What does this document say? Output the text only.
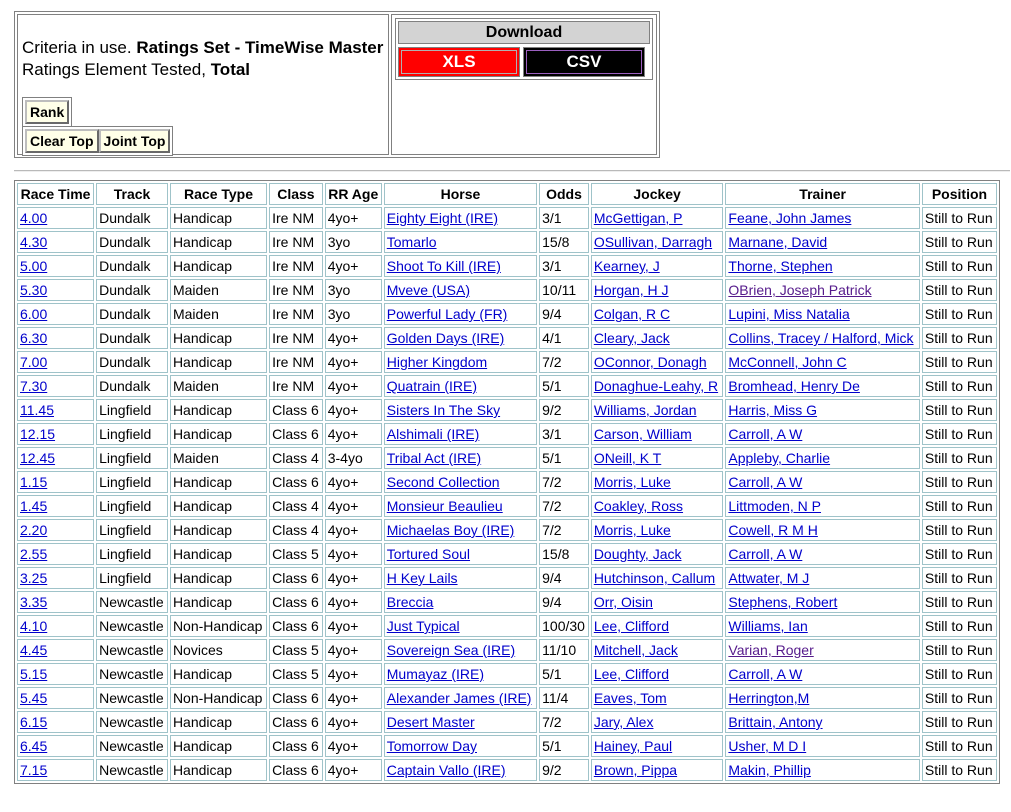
Criteria in use. Ratings Set - TimeWise Master
Ratings Element Tested, Total
Rank
Clear Top Joint Top
Download
XLS	CSV
Race Time	Track	Race Type	Class	RR Age	Horse	Odds	Jockey	Trainer	Position
4.00	Dundalk	Handicap	Ire NM	4yo+	Eighty Eight (IRE)	3/1	McGettigan, P	Feane, John James	Still to Run
4.30	Dundalk	Handicap	Ire NM	3yo	Tomarlo	15/8	OSullivan, Darragh	Marnane, David	Still to Run
5.00	Dundalk	Handicap	Ire NM	4yo+	Shoot To Kill (IRE)	3/1	Kearney, J	Thorne, Stephen	Still to Run
5.30	Dundalk	Maiden	Ire NM	3yo	Mveve (USA)	10/11	Horgan, H J	OBrien, Joseph Patrick	Still to Run
6.00	Dundalk	Maiden	Ire NM	3yo	Powerful Lady (FR)	9/4	Colgan, R C	Lupini, Miss Natalia	Still to Run
6.30	Dundalk	Handicap	Ire NM	4yo+	Golden Days (IRE)	4/1	Cleary, Jack	Collins, Tracey / Halford, Mick	Still to Run
7.00	Dundalk	Handicap	Ire NM	4yo+	Higher Kingdom	7/2	OConnor, Donagh	McConnell, John C	Still to Run
7.30	Dundalk	Maiden	Ire NM	4yo+	Quatrain (IRE)	5/1	Donaghue-Leahy, R	Bromhead, Henry De	Still to Run
11.45	Lingfield	Handicap	Class 6	4yo+	Sisters In The Sky	9/2	Williams, Jordan	Harris, Miss G	Still to Run
12.15	Lingfield	Handicap	Class 6	4yo+	Alshimali (IRE)	3/1	Carson, William	Carroll, A W	Still to Run
12.45	Lingfield	Maiden	Class 4	3-4yo	Tribal Act (IRE)	5/1	ONeill, K T	Appleby, Charlie	Still to Run
1.15	Lingfield	Handicap	Class 6	4yo+	Second Collection	7/2	Morris, Luke	Carroll, A W	Still to Run
1.45	Lingfield	Handicap	Class 4	4yo+	Monsieur Beaulieu	7/2	Coakley, Ross	Littmoden, N P	Still to Run
2.20	Lingfield	Handicap	Class 4	4yo+	Michaelas Boy (IRE)	7/2	Morris, Luke	Cowell, R M H	Still to Run
2.55	Lingfield	Handicap	Class 5	4yo+	Tortured Soul	15/8	Doughty, Jack	Carroll, A W	Still to Run
3.25	Lingfield	Handicap	Class 6	4yo+	H Key Lails	9/4	Hutchinson, Callum	Attwater, M J	Still to Run
3.35	Newcastle	Handicap	Class 6	4yo+	Breccia	9/4	Orr, Oisin	Stephens, Robert	Still to Run
4.10	Newcastle	Non-Handicap	Class 6	4yo+	Just Typical	100/30	Lee, Clifford	Williams, Ian	Still to Run
4.45	Newcastle	Novices	Class 5	4yo+	Sovereign Sea (IRE)	11/10	Mitchell, Jack	Varian, Roger	Still to Run
5.15	Newcastle	Handicap	Class 5	4yo+	Mumayaz (IRE)	5/1	Lee, Clifford	Carroll, A W	Still to Run
5.45	Newcastle	Non-Handicap	Class 6	4yo+	Alexander James (IRE)	11/4	Eaves, Tom	Herrington,M	Still to Run
6.15	Newcastle	Handicap	Class 6	4yo+	Desert Master	7/2	Jary, Alex	Brittain, Antony	Still to Run
6.45	Newcastle	Handicap	Class 6	4yo+	Tomorrow Day	5/1	Hainey, Paul	Usher, M D I	Still to Run
7.15	Newcastle	Handicap	Class 6	4yo+	Captain Vallo (IRE)	9/2	Brown, Pippa	Makin, Phillip	Still to Run
